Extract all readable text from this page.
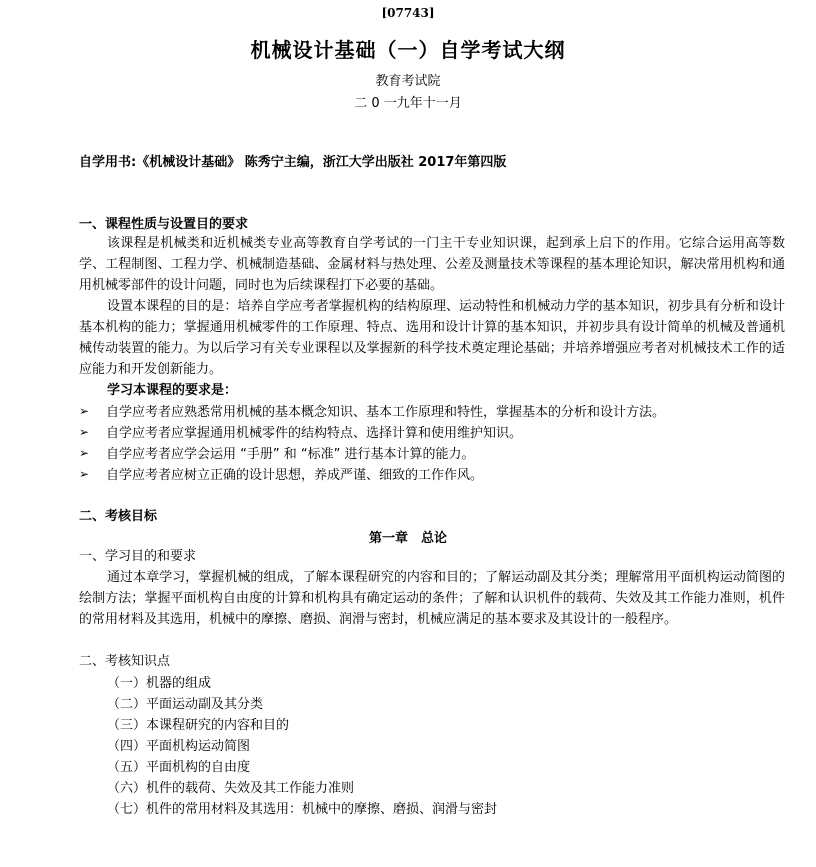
[07743]
机械设计基础（一）自学考试大纲
教育考试院
二 0 一九年十一月
自学用书:《机械设计基础》 陈秀宁主编，浙江大学出版社 2017年第四版
一、课程性质与设置目的要求
该课程是机械类和近机械类专业高等教育自学考试的一门主干专业知识课，起到承上启下的作用。它综合运用高等数学、工程制图、工程力学、机械制造基础、金属材料与热处理、公差及测量技术等课程的基本理论知识，解决常用机构和通用机械零部件的设计问题，同时也为后续课程打下必要的基础。
设置本课程的目的是：培养自学应考者掌握机构的结构原理、运动特性和机械动力学的基本知识，初步具有分析和设计基本机构的能力；掌握通用机械零件的工作原理、特点、选用和设计计算的基本知识，并初步具有设计简单的机械及普通机械传动装置的能力。为以后学习有关专业课程以及掌握新的科学技术奠定理论基础；并培养增强应考者对机械技术工作的适应能力和开发创新能力。
学习本课程的要求是：
➢	自学应考者应熟悉常用机械的基本概念知识、基本工作原理和特性，掌握基本的分析和设计方法。
➢	自学应考者应掌握通用机械零件的结构特点、选择计算和使用维护知识。
➢	自学应考者应学会运用 “手册” 和 “标准” 进行基本计算的能力。
➢	自学应考者应树立正确的设计思想，养成严谨、细致的工作作风。
二、考核目标
第一章　总论
一、学习目的和要求
通过本章学习，掌握机械的组成，了解本课程研究的内容和目的；了解运动副及其分类；理解常用平面机构运动简图的绘制方法；掌握平面机构自由度的计算和机构具有确定运动的条件；了解和认识机件的载荷、失效及其工作能力准则，机件的常用材料及其选用，机械中的摩擦、磨损、润滑与密封，机械应满足的基本要求及其设计的一般程序。
二、考核知识点
（一）机器的组成
（二）平面运动副及其分类
（三）本课程研究的内容和目的
（四）平面机构运动简图
（五）平面机构的自由度
（六）机件的载荷、失效及其工作能力准则
（七）机件的常用材料及其选用：机械中的摩擦、磨损、润滑与密封
